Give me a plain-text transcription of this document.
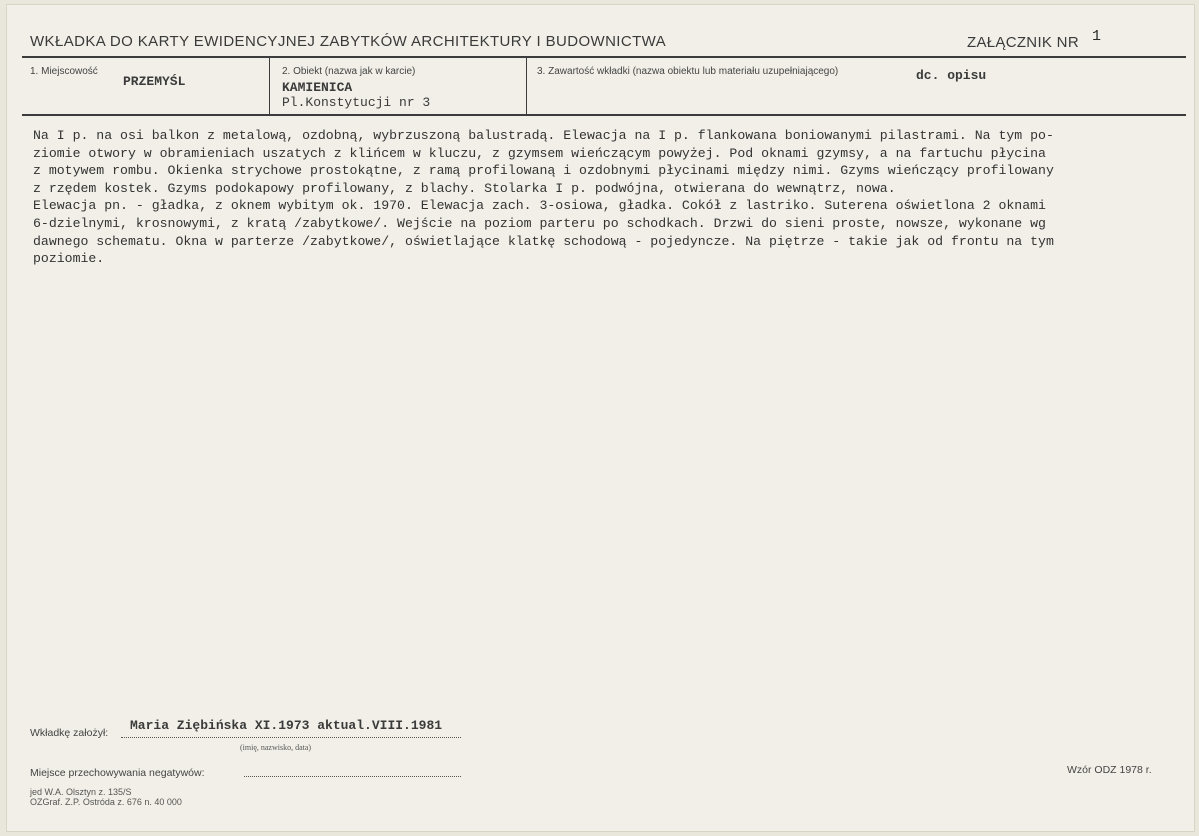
WKŁADKA DO KARTY EWIDENCYJNEJ ZABYTKÓW ARCHITEKTURY I BUDOWNICTWA	ZAŁĄCZNIK NR 1
1. Miejscowość
PRZEMYŚL
2. Obiekt (nazwa jak w karcie)
KAMIENICA
Pl.Konstytucji nr 3
3. Zawartość wkładki (nazwa obiektu lub materiału uzupełniającego)	dc. opisu
Na I p. na osi balkon z metalową, ozdobną, wybrzuszoną balustradą. Elewacja na I p. flankowana boniowanymi pilastrami. Na tym po-
ziomie otwory w obramieniach uszatych z klińcem w kluczu, z gzymsem wieńczącym powyżej. Pod oknami gzymsy, a na fartuchu płycina
z motywem rombu. Okienka strychowe prostokątne, z ramą profilowaną i ozdobnymi płycinami między nimi. Gzyms wieńczący profilowany
z rzędem kostek. Gzyms podokapowy profilowany, z blachy. Stolarka I p. podwójna, otwierana do wewnątrz, nowa.
Elewacja pn. - gładka, z oknem wybitym ok. 1970. Elewacja zach. 3-osiowa, gładka. Cokół z lastriko. Suterena oświetlona 2 oknami
6-dzielnymi, krosnowymi, z kratą /zabytkowe/. Wejście na poziom parteru po schodkach. Drzwi do sieni proste, nowsze, wykonane wg
dawnego schematu. Okna w parterze /zabytkowe/, oświetlające klatkę schodową - pojedyncze. Na piętrze - takie jak od frontu na tym
poziomie.
Wkładkę założył: Maria Ziębińska XI.1973 aktual.VIII.1981
(imię, nazwisko, data)
Miejsce przechowywania negatywów:	Wzór ODZ 1978 r.
jed W.A. Olsztyn z. 135/S
OZGraf. Z.P. Ostróda z. 676 n. 40 000
